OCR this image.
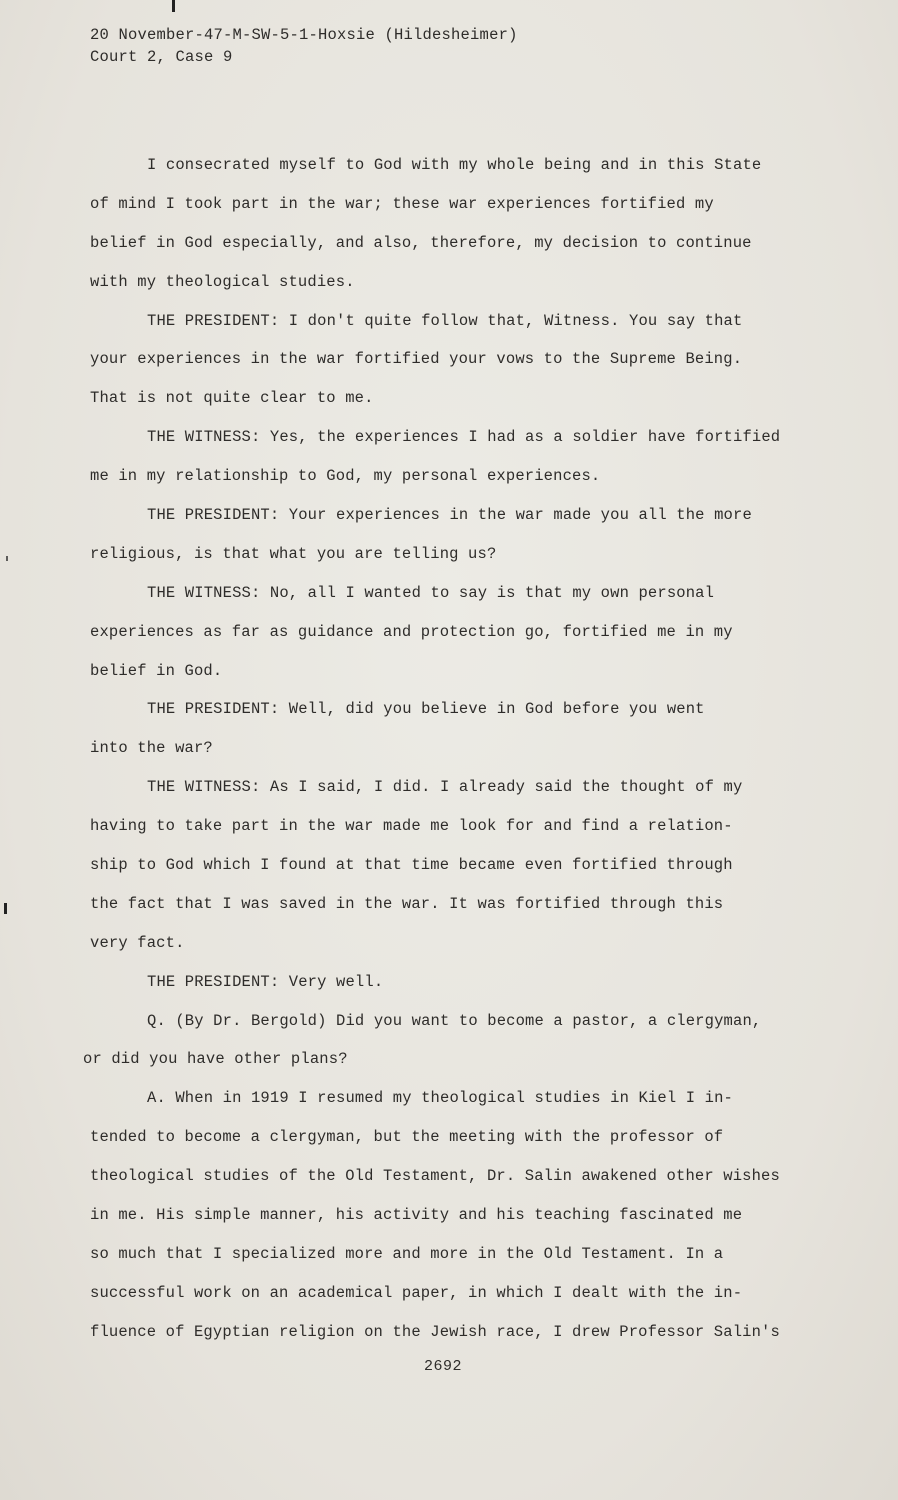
20 November-47-M-SW-5-1-Hoxsie (Hildesheimer)
Court 2, Case 9
I consecrated myself to God with my whole being and in this State
of mind I took part in the war; these war experiences fortified my
belief in God especially, and also, therefore, my decision to continue
with my theological studies.
THE PRESIDENT: I don't quite follow that, Witness. You say that
your experiences in the war fortified your vows to the Supreme Being.
That is not quite clear to me.
THE WITNESS: Yes, the experiences I had as a soldier have fortified
me in my relationship to God, my personal experiences.
THE PRESIDENT: Your experiences in the war made you all the more
religious, is that what you are telling us?
THE WITNESS: No, all I wanted to say is that my own personal
experiences as far as guidance and protection go, fortified me in my
belief in God.
THE PRESIDENT: Well, did you believe in God before you went
into the war?
THE WITNESS: As I said, I did. I already said the thought of my
having to take part in the war made me look for and find a relation-
ship to God which I found at that time became even fortified through
the fact that I was saved in the war. It was fortified through this
very fact.
THE PRESIDENT: Very well.
Q. (By Dr. Bergold) Did you want to become a pastor, a clergyman,
or did you have other plans?
A. When in 1919 I resumed my theological studies in Kiel I in-
tended to become a clergyman, but the meeting with the professor of
theological studies of the Old Testament, Dr. Salin awakened other wishes
in me. His simple manner, his activity and his teaching fascinated me
so much that I specialized more and more in the Old Testament. In a
successful work on an academical paper, in which I dealt with the in-
fluence of Egyptian religion on the Jewish race, I drew Professor Salin's
2692
